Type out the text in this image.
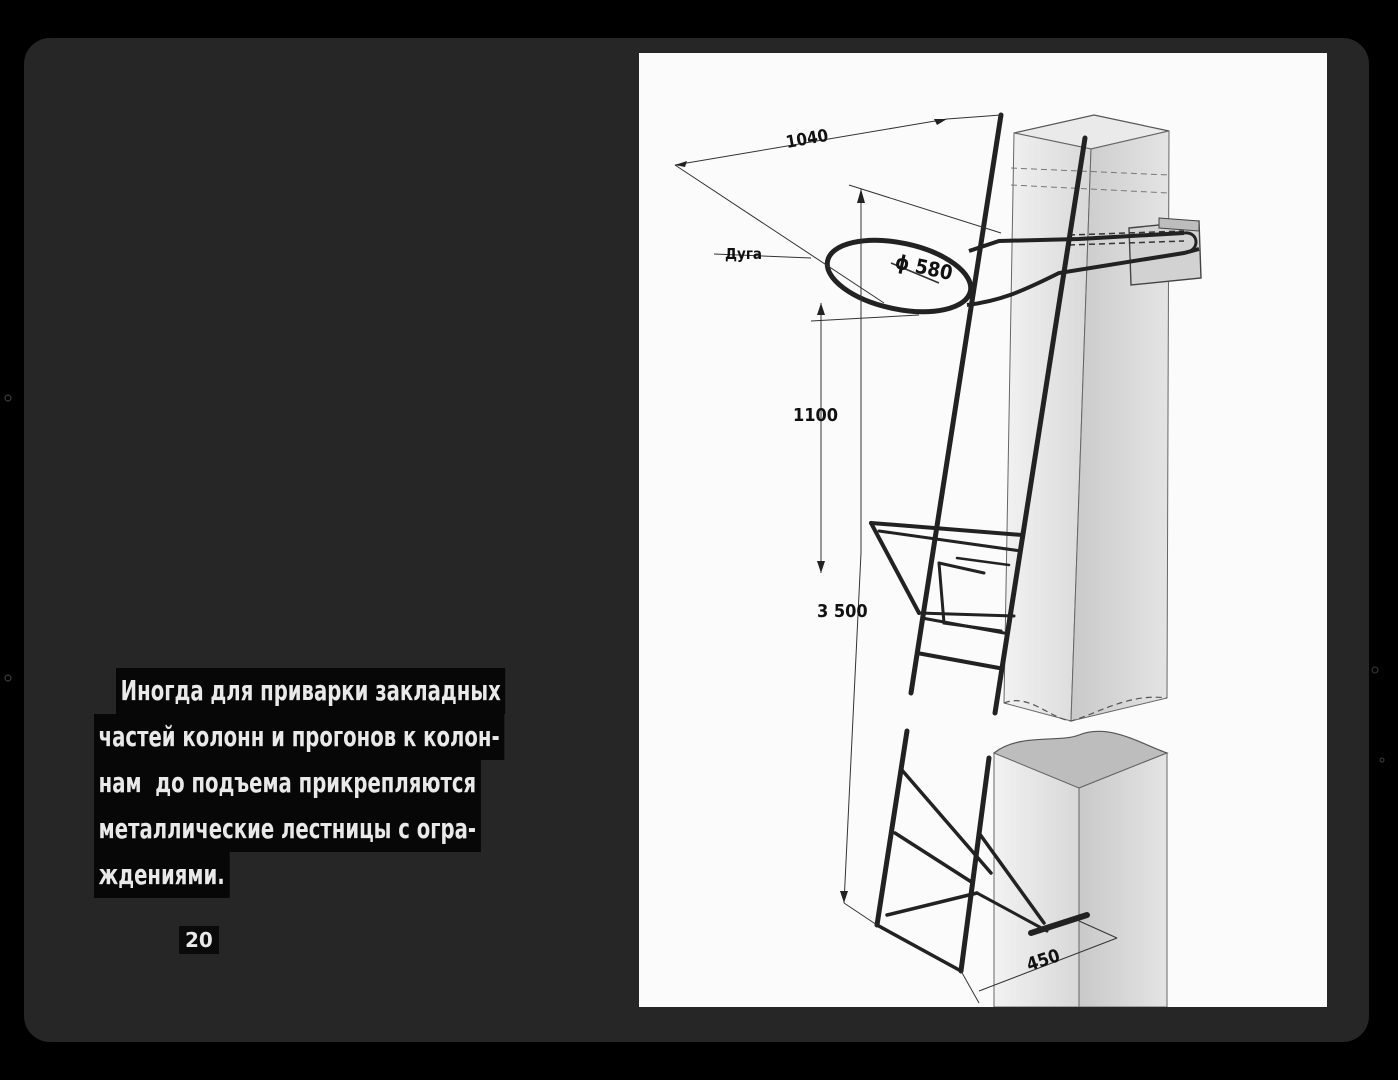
Иногда для приварки закладных
частей колонн и прогонов к колон-
нам  до подъема прикрепляются
металлические лестницы с огра-
ждениями.
20
1040
Дуга	ϕ 580
1100
3 500
450
